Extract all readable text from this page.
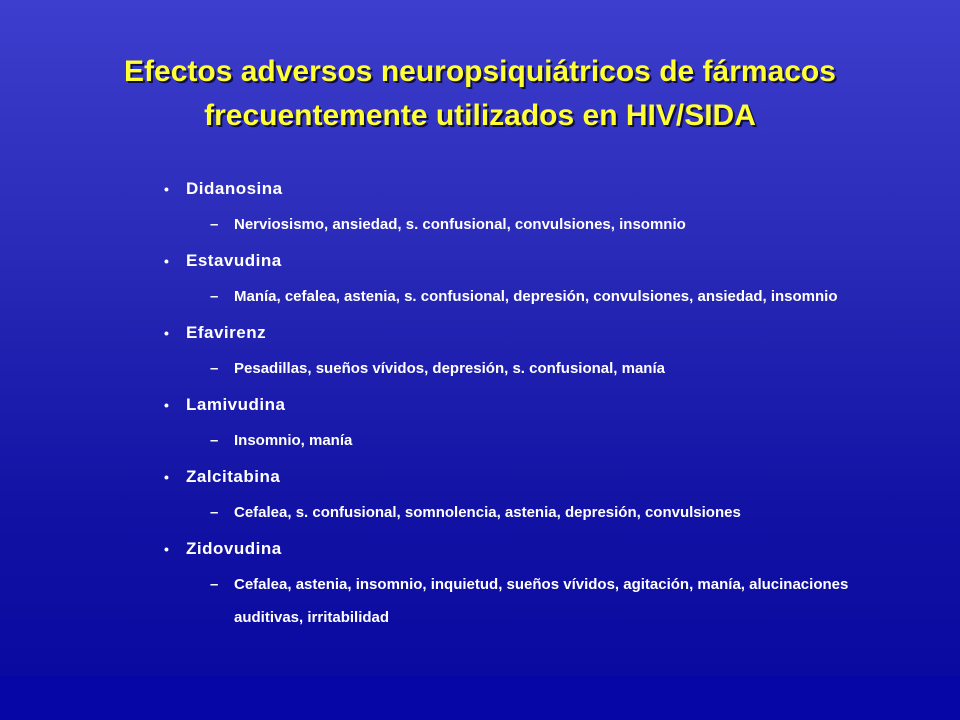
Efectos adversos neuropsiquiátricos de fármacos
frecuentemente utilizados en HIV/SIDA
• Didanosina
– Nerviosismo, ansiedad, s. confusional, convulsiones, insomnio
• Estavudina
– Manía, cefalea, astenia, s. confusional, depresión, convulsiones, ansiedad, insomnio
• Efavirenz
– Pesadillas, sueños vívidos, depresión, s. confusional, manía
• Lamivudina
– Insomnio, manía
• Zalcitabina
– Cefalea, s. confusional, somnolencia, astenia, depresión, convulsiones
• Zidovudina
– Cefalea, astenia, insomnio, inquietud, sueños vívidos, agitación, manía, alucinaciones auditivas, irritabilidad
